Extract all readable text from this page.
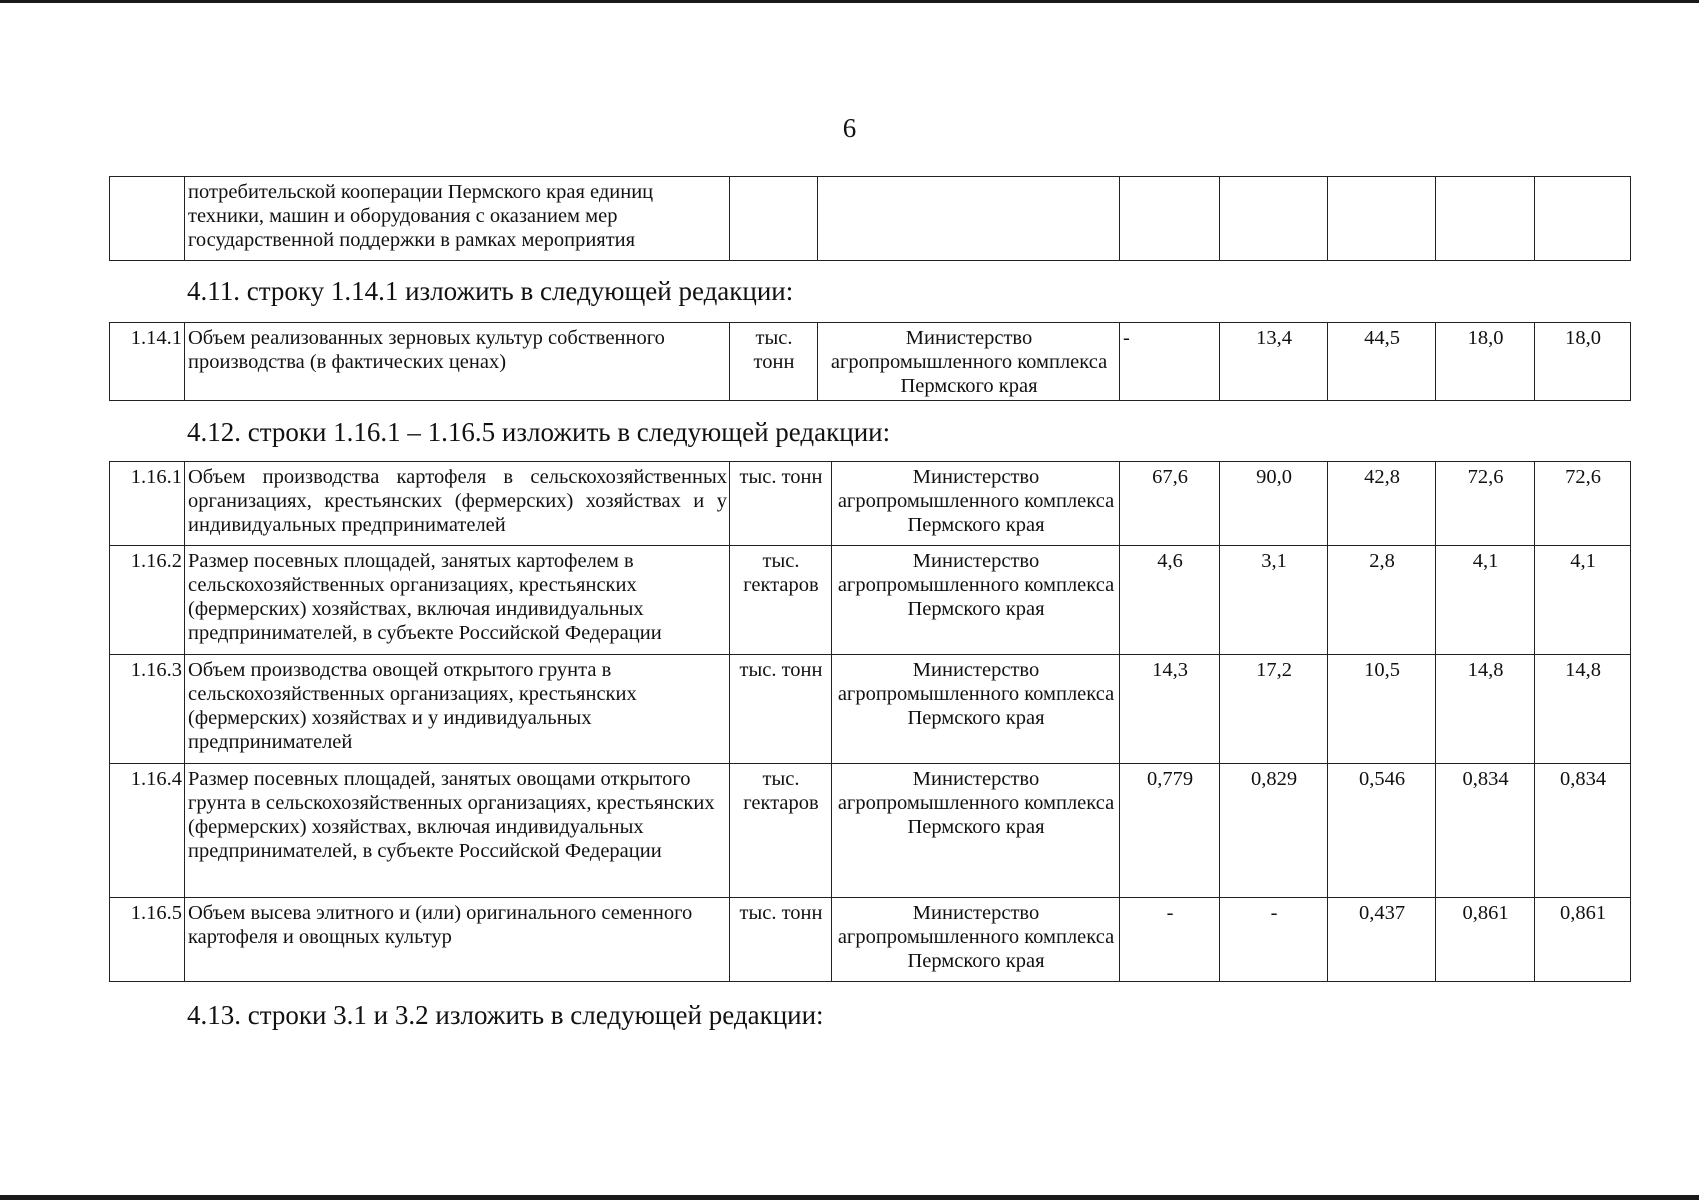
6
	потребительской кооперации Пермского края единиц техники, машин и оборудования с оказанием мер государственной поддержки в рамках мероприятия							
4.11. строку 1.14.1 изложить в следующей редакции:
1.14.1	Объем реализованных зерновых культур собственного производства (в фактических ценах)	тыс. тонн	Министерство агропромышленного комплекса Пермского края	-	13,4	44,5	18,0	18,0
4.12. строки 1.16.1 – 1.16.5 изложить в следующей редакции:
1.16.1	Объем производства картофеля в сельскохозяйственных организациях, крестьянских (фермерских) хозяйствах и у индивидуальных предпринимателей	тыс. тонн	Министерство агропромышленного комплекса Пермского края	67,6	90,0	42,8	72,6	72,6
1.16.2	Размер посевных площадей, занятых картофелем в сельскохозяйственных организациях, крестьянских (фермерских) хозяйствах, включая индивидуальных предпринимателей, в субъекте Российской Федерации	тыс. гектаров	Министерство агропромышленного комплекса Пермского края	4,6	3,1	2,8	4,1	4,1
1.16.3	Объем производства овощей открытого грунта в сельскохозяйственных организациях, крестьянских (фермерских) хозяйствах и у индивидуальных предпринимателей	тыс. тонн	Министерство агропромышленного комплекса Пермского края	14,3	17,2	10,5	14,8	14,8
1.16.4	Размер посевных площадей, занятых овощами открытого грунта в сельскохозяйственных организациях, крестьянских (фермерских) хозяйствах, включая индивидуальных предпринимателей, в субъекте Российской Федерации	тыс. гектаров	Министерство агропромышленного комплекса Пермского края	0,779	0,829	0,546	0,834	0,834
1.16.5	Объем высева элитного и (или) оригинального семенного картофеля и овощных культур	тыс. тонн	Министерство агропромышленного комплекса Пермского края	-	-	0,437	0,861	0,861
4.13. строки 3.1 и 3.2 изложить в следующей редакции:
